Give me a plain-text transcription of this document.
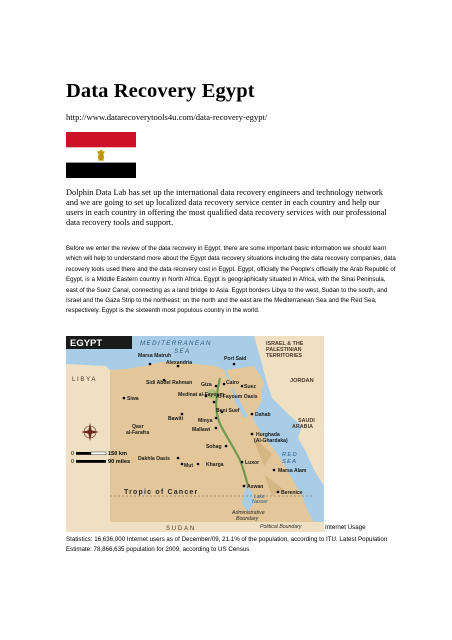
Data Recovery Egypt
http://www.datarecoverytools4u.com/data-recovery-egypt/

Dolphin Data Lab has set up the international data recovery engineers and technology network and we are going to set up localized data recovery service center in each country and help our users in each country in offering the most qualified data recovery services with our professional data recovery tools and support.

Before we enter the review of the data recovery in Egypt, there are some important basic information we should learn which will help to understand more about the Egypt data recovery situations including the data recovery companies, data recovery tools used there and the data recovery cost in Egypt. Egypt, officially the People’s officially the Arab Republic of Egypt, is a Middle Eastern country in North Africa. Egypt is geographically situated in Africa, with the Sinai Peninsula, east of the Suez Canal, connecting as a land bridge to Asia. Egypt borders Libya to the west, Sudan to the south, and Israel and the Gaza Strip to the northeast; on the north and the east are the Mediterranean Sea and the Red Sea, respectively. Egypt is the sixteenth most populous country in the world.

EGYPT	MEDITERRANEAN
SEA
LIBYA
ISRAEL & THE
PALESTINIAN
TERRITORIES
JORDAN
SAUDI
ARABIA
RED
SEA
SUDAN
Lake
Nasser
Tropic of Cancer
Administrative
Boundary
Political Boundary
0
0
150 km
90 miles
Marsa Matruh
Alexandria
Port Said
Sidi Abdel Rahman
Siwa
Giza	Cairo
Suez
Medinat al-Fayoum
Al-Fayoum Oasis
Beni Suef
Bawiti	Minya
Mallawi
Dahab
Hurghada
(Al-Ghardaka)
Sohag
Luxor
Dakhla Oasis
Mut	Kharga
Marsa Alam
Aswan
Berenice
Qasr
al-Farafra
Internet Usage

Statistics: 16,636,000 Internet users as of December/09, 21.1% of the population, according to ITU. Latest Population Estimate: 78,866,635 population for 2009, according to US Census
